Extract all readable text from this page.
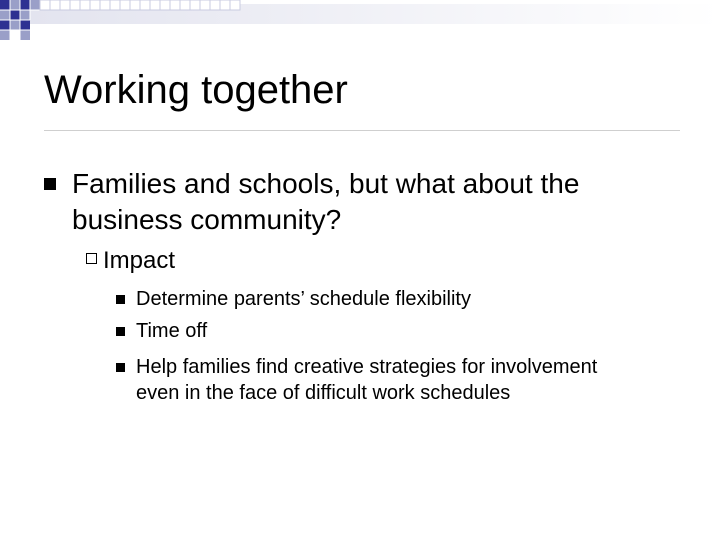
Working together
Families and schools, but what about the business community?
Impact
Determine parents’ schedule flexibility
Time off
Help families find creative strategies for involvement even in the face of difficult work schedules
